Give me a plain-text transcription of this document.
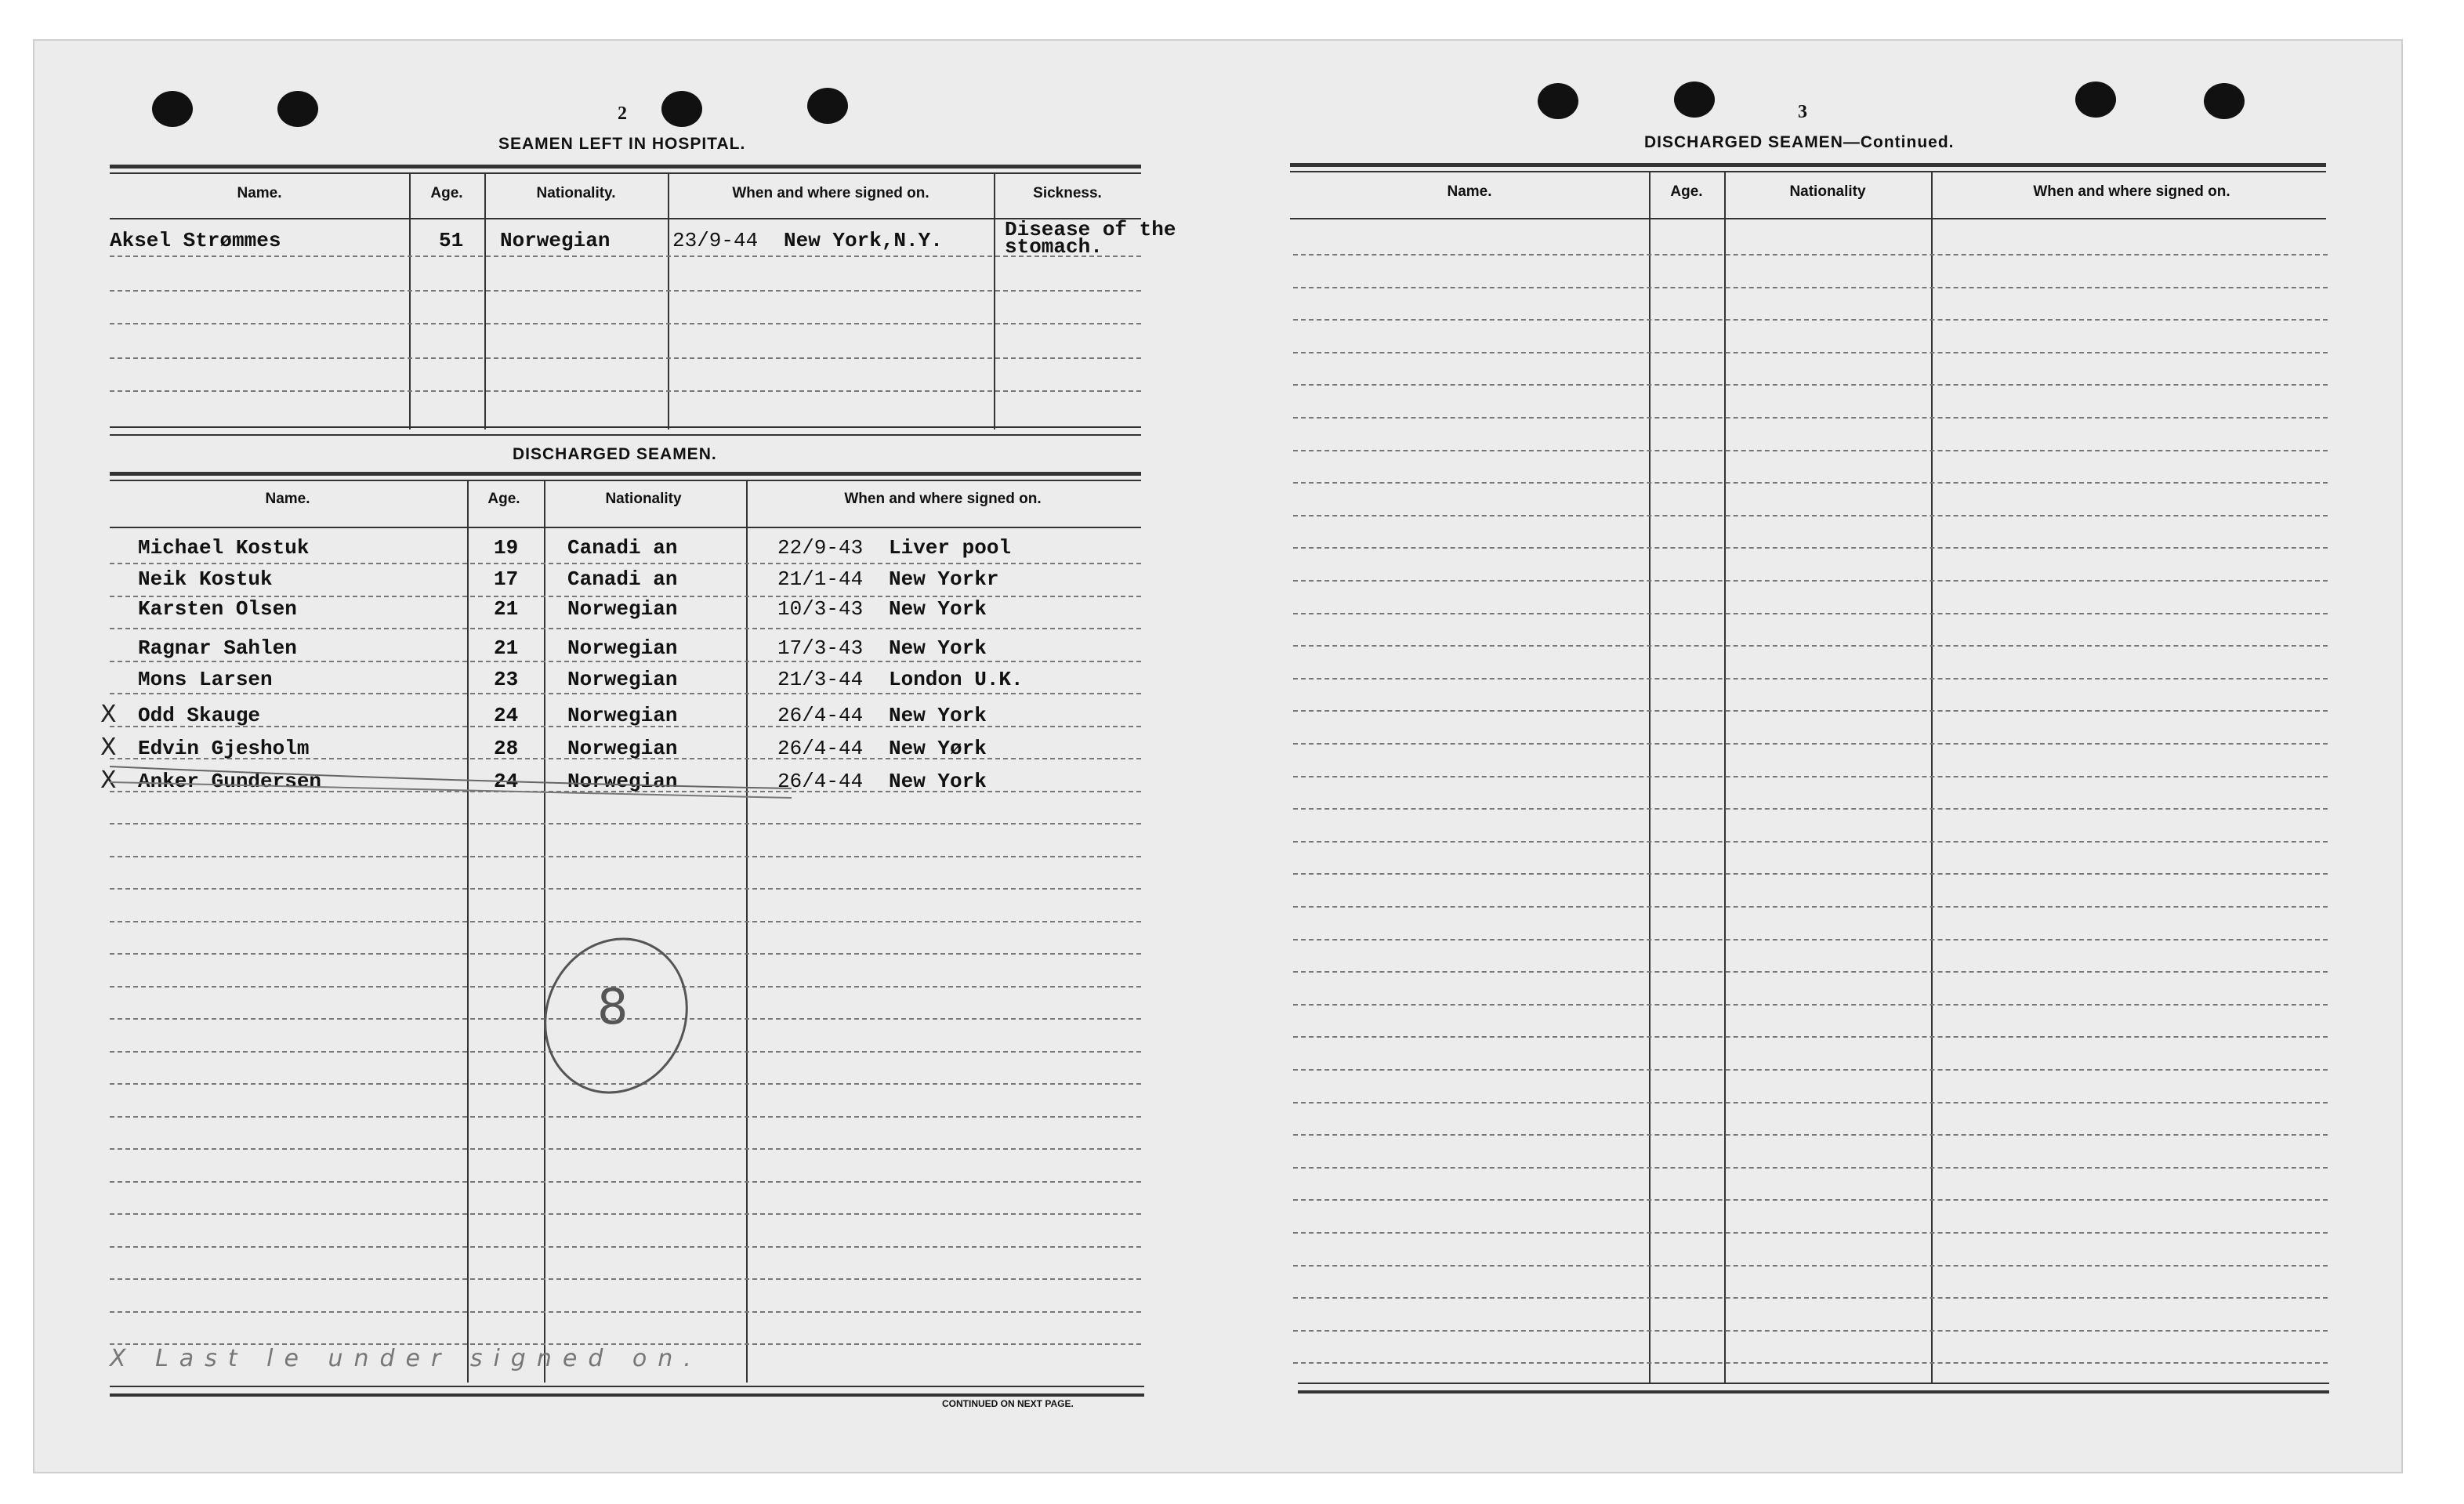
2
SEAMEN LEFT IN HOSPITAL.
Name.	Age.	Nationality.	When and where signed on.	Sickness.
Aksel Strømmes	51 Norwegian	23/9-44 New York,N.Y.	Disease of the stomach.
DISCHARGED SEAMEN.
Name.	Age.	Nationality	When and where signed on.
CONTINUED ON NEXT PAGE.
Michael Kostuk	19 Canadi an	22/9-43 Liver pool
Neik Kostuk	17 Canadi an	21/1-44 New Yorkr
Karsten Olsen	21 Norwegian	10/3-43 New York
Ragnar Sahlen	21 Norwegian	17/3-43 New York
Mons Larsen	23 Norwegian	21/3-44 London U.K.
X Odd Skauge	24 Norwegian	26/4-44 New York
X Edvin Gjesholm	28 Norwegian	26/4-44 New Yørk
X Anker Gundersen	24 Norwegian	26/4-44 New York
8
X Last le under signed on.
3
DISCHARGED SEAMEN—Continued.
Name.	Age.	Nationality	When and where signed on.
